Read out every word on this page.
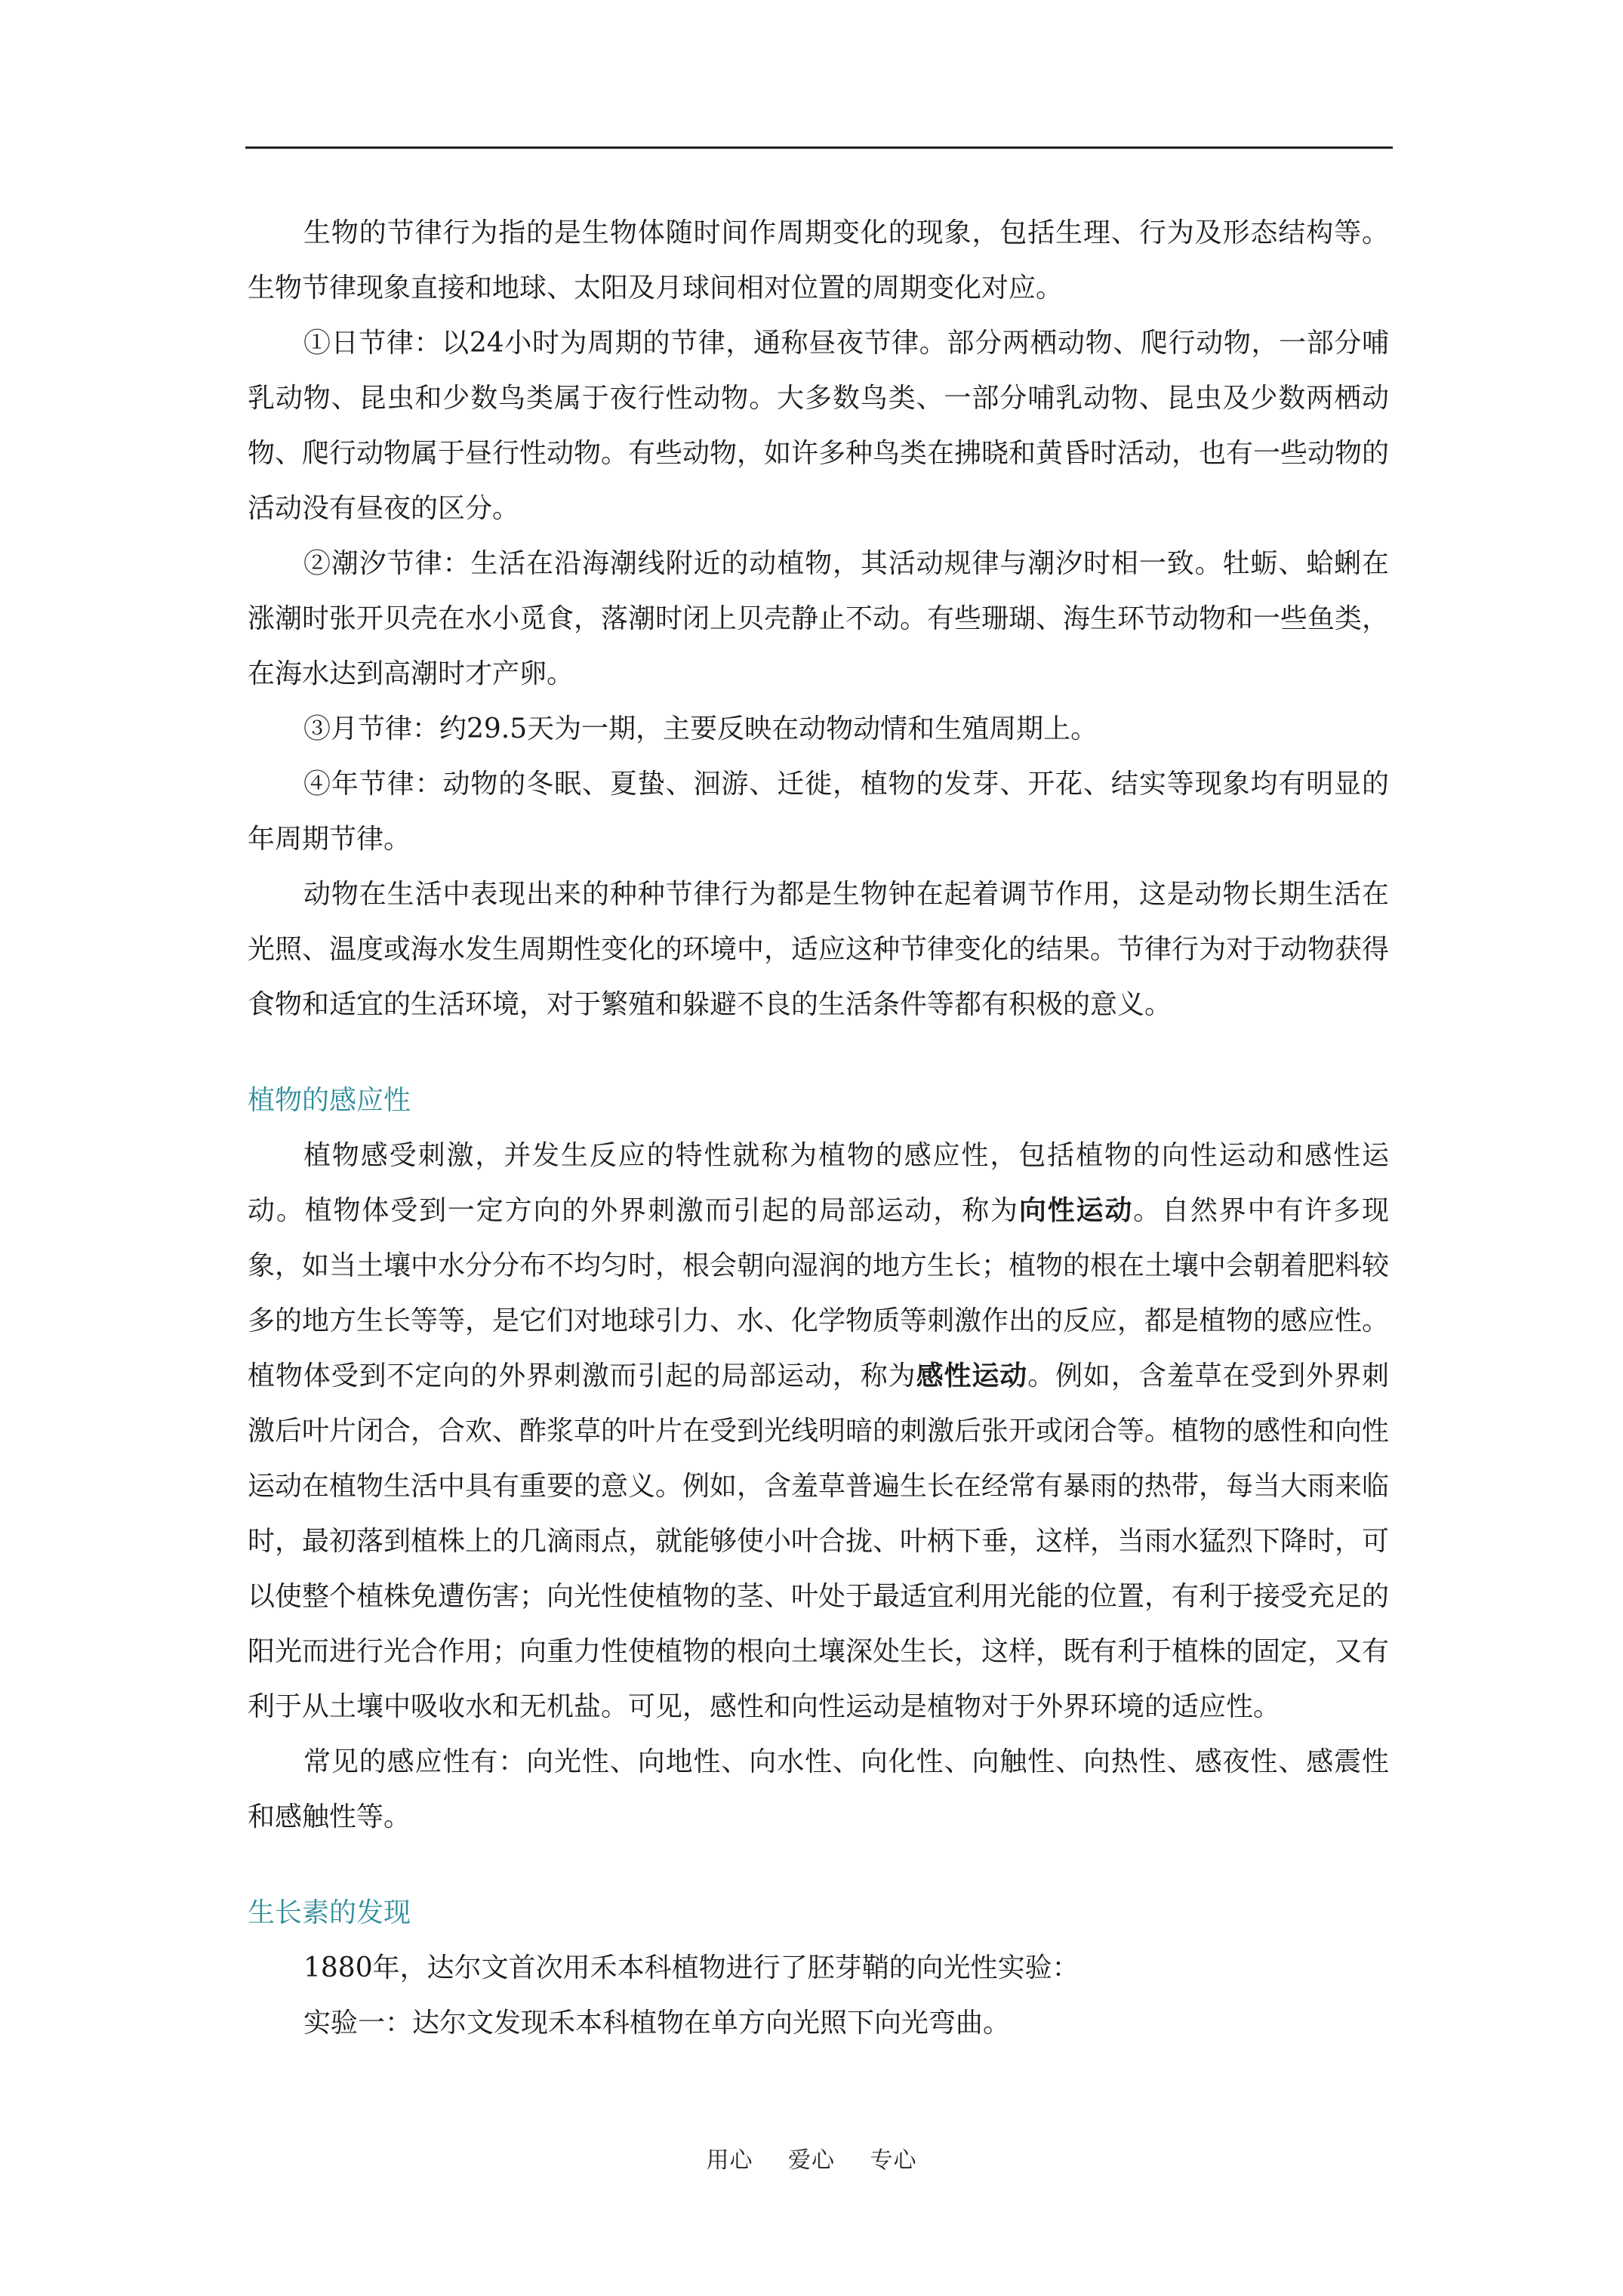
生物的节律行为指的是生物体随时间作周期变化的现象，包括生理、行为及形态结构等。生物节律现象直接和地球、太阳及月球间相对位置的周期变化对应。

①日节律：以24小时为周期的节律，通称昼夜节律。部分两栖动物、爬行动物，一部分哺乳动物、昆虫和少数鸟类属于夜行性动物。大多数鸟类、一部分哺乳动物、昆虫及少数两栖动物、爬行动物属于昼行性动物。有些动物，如许多种鸟类在拂晓和黄昏时活动，也有一些动物的活动没有昼夜的区分。

②潮汐节律：生活在沿海潮线附近的动植物，其活动规律与潮汐时相一致。牡蛎、蛤蜊在涨潮时张开贝壳在水小觅食，落潮时闭上贝壳静止不动。有些珊瑚、海生环节动物和一些鱼类，在海水达到高潮时才产卵。

③月节律：约29.5天为一期，主要反映在动物动情和生殖周期上。

④年节律：动物的冬眠、夏蛰、洄游、迁徙，植物的发芽、开花、结实等现象均有明显的年周期节律。

动物在生活中表现出来的种种节律行为都是生物钟在起着调节作用，这是动物长期生活在光照、温度或海水发生周期性变化的环境中，适应这种节律变化的结果。节律行为对于动物获得食物和适宜的生活环境，对于繁殖和躲避不良的生活条件等都有积极的意义。

植物的感应性

植物感受刺激，并发生反应的特性就称为植物的感应性，包括植物的向性运动和感性运动。植物体受到一定方向的外界刺激而引起的局部运动，称为向性运动。自然界中有许多现象，如当土壤中水分分布不均匀时，根会朝向湿润的地方生长；植物的根在土壤中会朝着肥料较多的地方生长等等，是它们对地球引力、水、化学物质等刺激作出的反应，都是植物的感应性。植物体受到不定向的外界刺激而引起的局部运动，称为感性运动。例如，含羞草在受到外界刺激后叶片闭合，合欢、酢浆草的叶片在受到光线明暗的刺激后张开或闭合等。植物的感性和向性运动在植物生活中具有重要的意义。例如，含羞草普遍生长在经常有暴雨的热带，每当大雨来临时，最初落到植株上的几滴雨点，就能够使小叶合拢、叶柄下垂，这样，当雨水猛烈下降时，可以使整个植株免遭伤害；向光性使植物的茎、叶处于最适宜利用光能的位置，有利于接受充足的阳光而进行光合作用；向重力性使植物的根向土壤深处生长，这样，既有利于植株的固定，又有利于从土壤中吸收水和无机盐。可见，感性和向性运动是植物对于外界环境的适应性。

常见的感应性有：向光性、向地性、向水性、向化性、向触性、向热性、感夜性、感震性和感触性等。

生长素的发现

1880年，达尔文首次用禾本科植物进行了胚芽鞘的向光性实验：

实验一：达尔文发现禾本科植物在单方向光照下向光弯曲。

用心 爱心 专心
